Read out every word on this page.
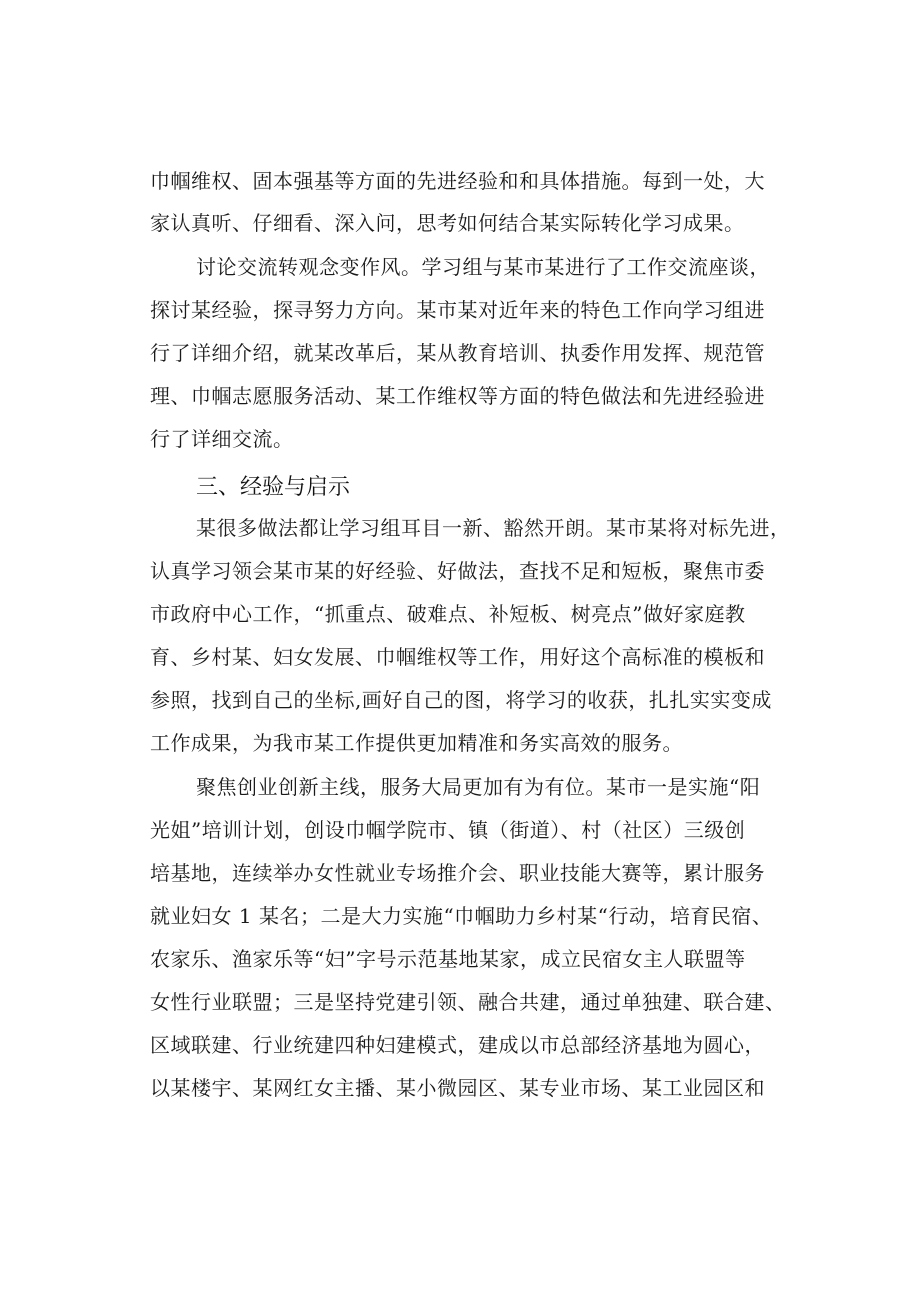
巾帼维权、固本强基等方面的先进经验和和具体措施。每到一处，大
家认真听、仔细看、深入问，思考如何结合某实际转化学习成果。
讨论交流转观念变作风。学习组与某市某进行了工作交流座谈，
探讨某经验，探寻努力方向。某市某对近年来的特色工作向学习组进
行了详细介绍，就某改革后，某从教育培训、执委作用发挥、规范管
理、巾帼志愿服务活动、某工作维权等方面的特色做法和先进经验进
行了详细交流。
三、经验与启示
某很多做法都让学习组耳目一新、豁然开朗。某市某将对标先进，
认真学习领会某市某的好经验、好做法，查找不足和短板，聚焦市委
市政府中心工作，“抓重点、破难点、补短板、树亮点”做好家庭教
育、乡村某、妇女发展、巾帼维权等工作，用好这个高标准的模板和
参照，找到自己的坐标,画好自己的图，将学习的收获，扎扎实实变成
工作成果，为我市某工作提供更加精准和务实高效的服务。
聚焦创业创新主线，服务大局更加有为有位。某市一是实施“阳
光姐”培训计划，创设巾帼学院市、镇（街道）、村（社区）三级创
培基地，连续举办女性就业专场推介会、职业技能大赛等，累计服务
就业妇女 1 某名；二是大力实施“巾帼助力乡村某“行动，培育民宿、
农家乐、渔家乐等“妇”字号示范基地某家，成立民宿女主人联盟等
女性行业联盟；三是坚持党建引领、融合共建，通过单独建、联合建、
区域联建、行业统建四种妇建模式，建成以市总部经济基地为圆心，
以某楼宇、某网红女主播、某小微园区、某专业市场、某工业园区和
